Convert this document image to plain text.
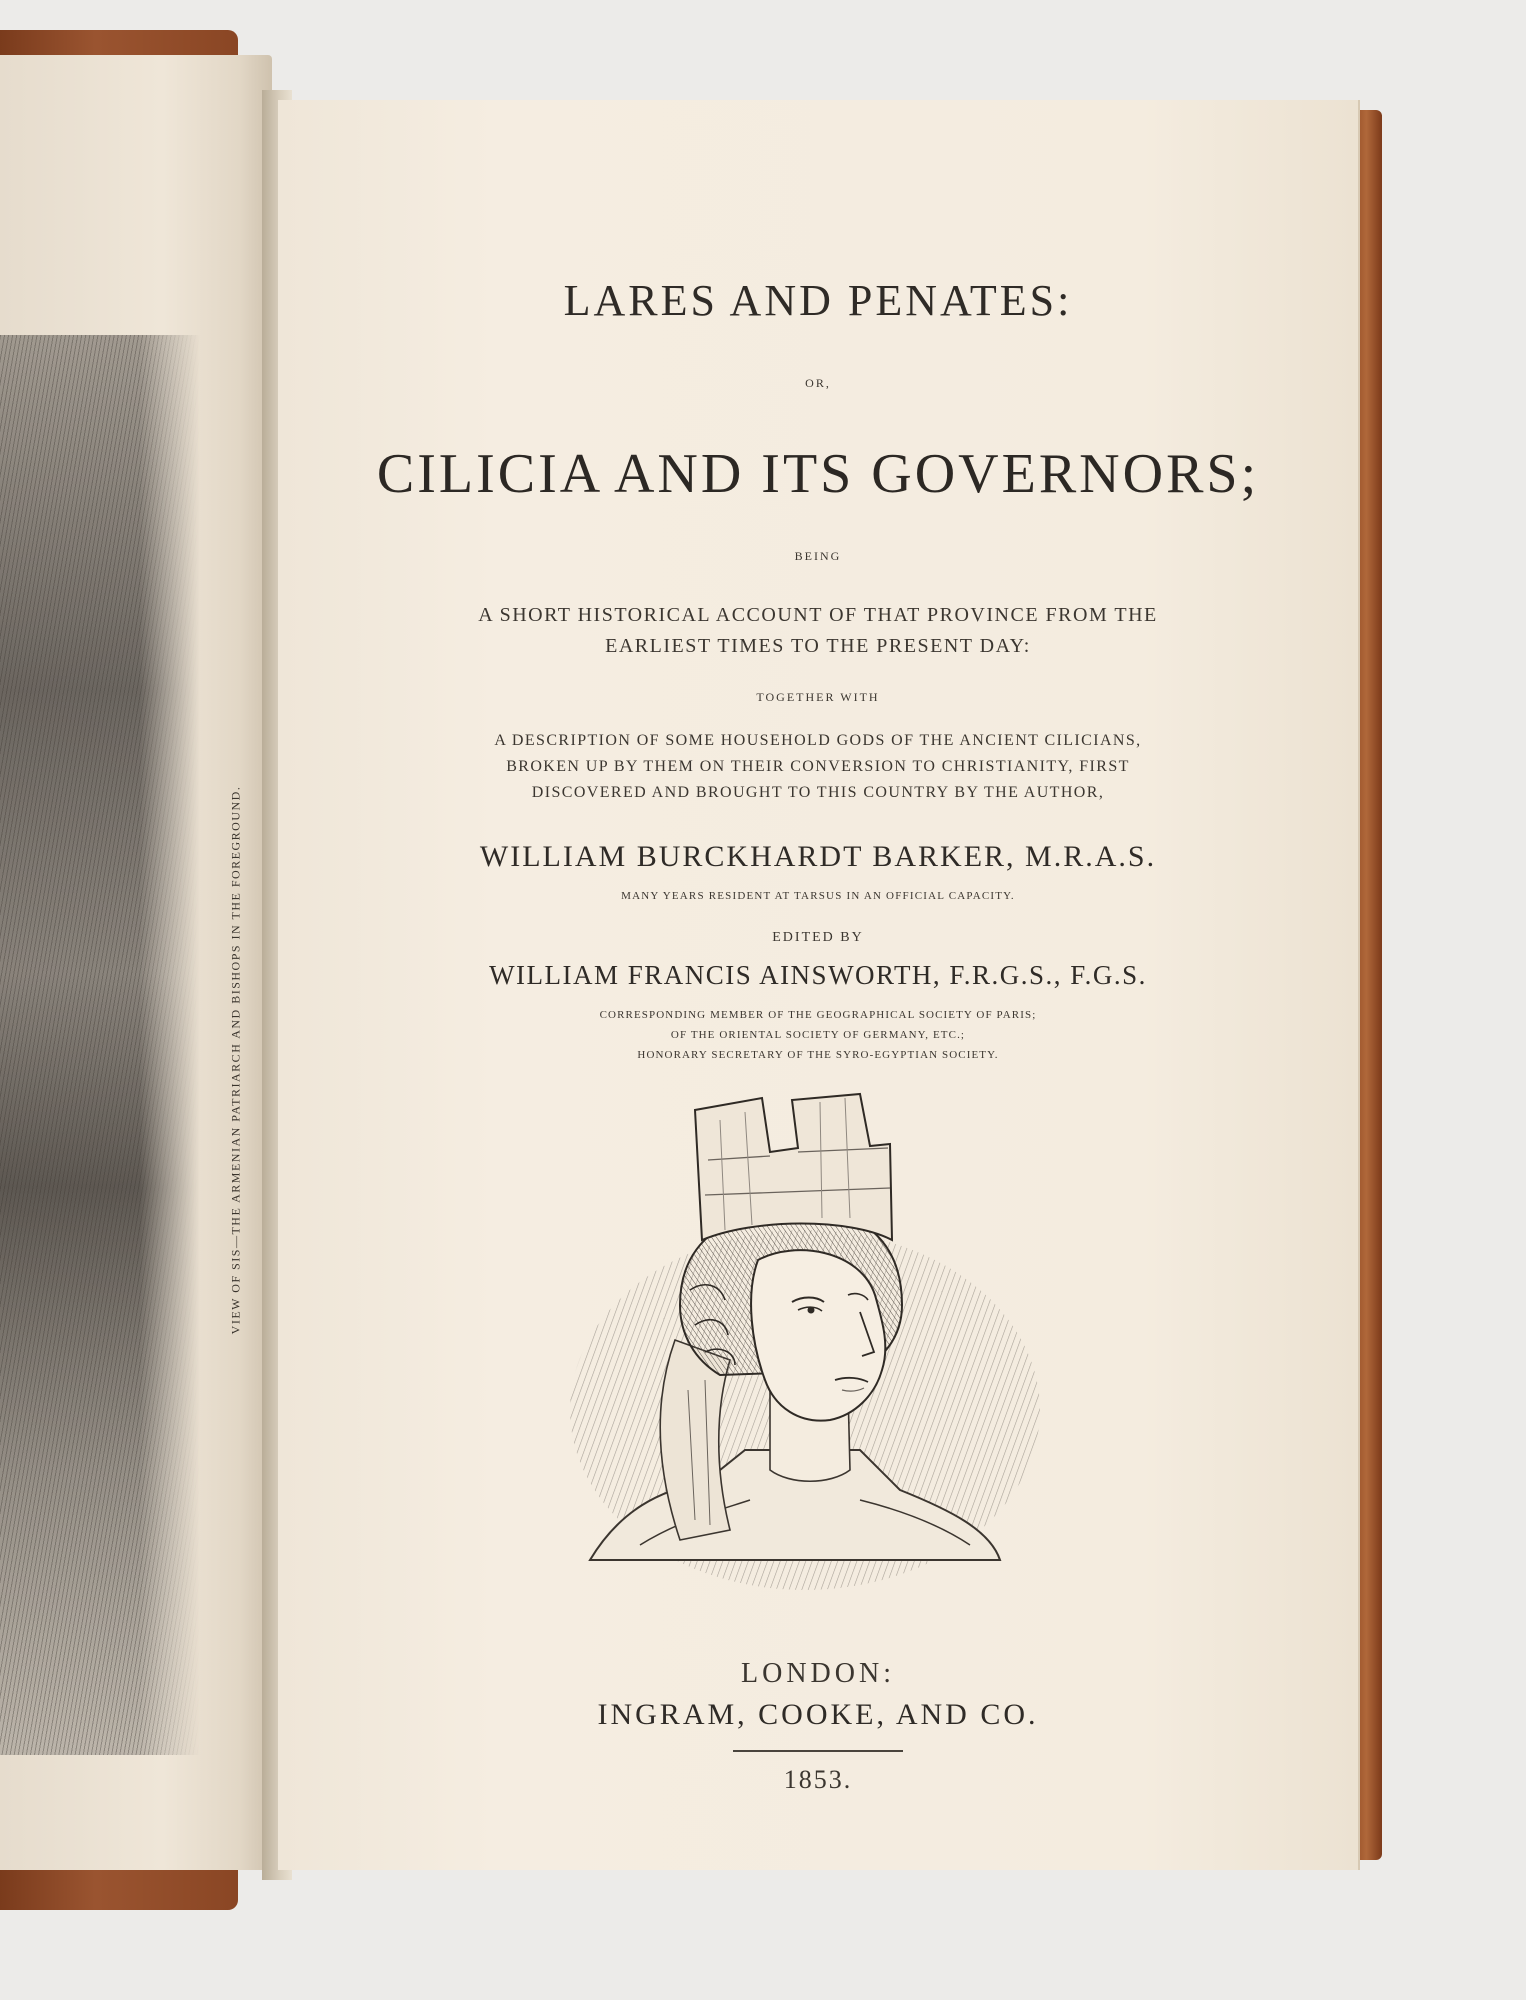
VIEW OF SIS—THE ARMENIAN PATRIARCH AND BISHOPS IN THE FOREGROUND.
LARES AND PENATES:
OR,
CILICIA AND ITS GOVERNORS;
BEING
A SHORT HISTORICAL ACCOUNT OF THAT PROVINCE FROM THE
EARLIEST TIMES TO THE PRESENT DAY:
TOGETHER WITH
A DESCRIPTION OF SOME HOUSEHOLD GODS OF THE ANCIENT CILICIANS,
BROKEN UP BY THEM ON THEIR CONVERSION TO CHRISTIANITY, FIRST
DISCOVERED AND BROUGHT TO THIS COUNTRY BY THE AUTHOR,
WILLIAM BURCKHARDT BARKER, M.R.A.S.
MANY YEARS RESIDENT AT TARSUS IN AN OFFICIAL CAPACITY.
EDITED BY
WILLIAM FRANCIS AINSWORTH, F.R.G.S., F.G.S.
CORRESPONDING MEMBER OF THE GEOGRAPHICAL SOCIETY OF PARIS;
OF THE ORIENTAL SOCIETY OF GERMANY, ETC.;
HONORARY SECRETARY OF THE SYRO-EGYPTIAN SOCIETY.
LONDON:
INGRAM, COOKE, AND CO.
1853.
